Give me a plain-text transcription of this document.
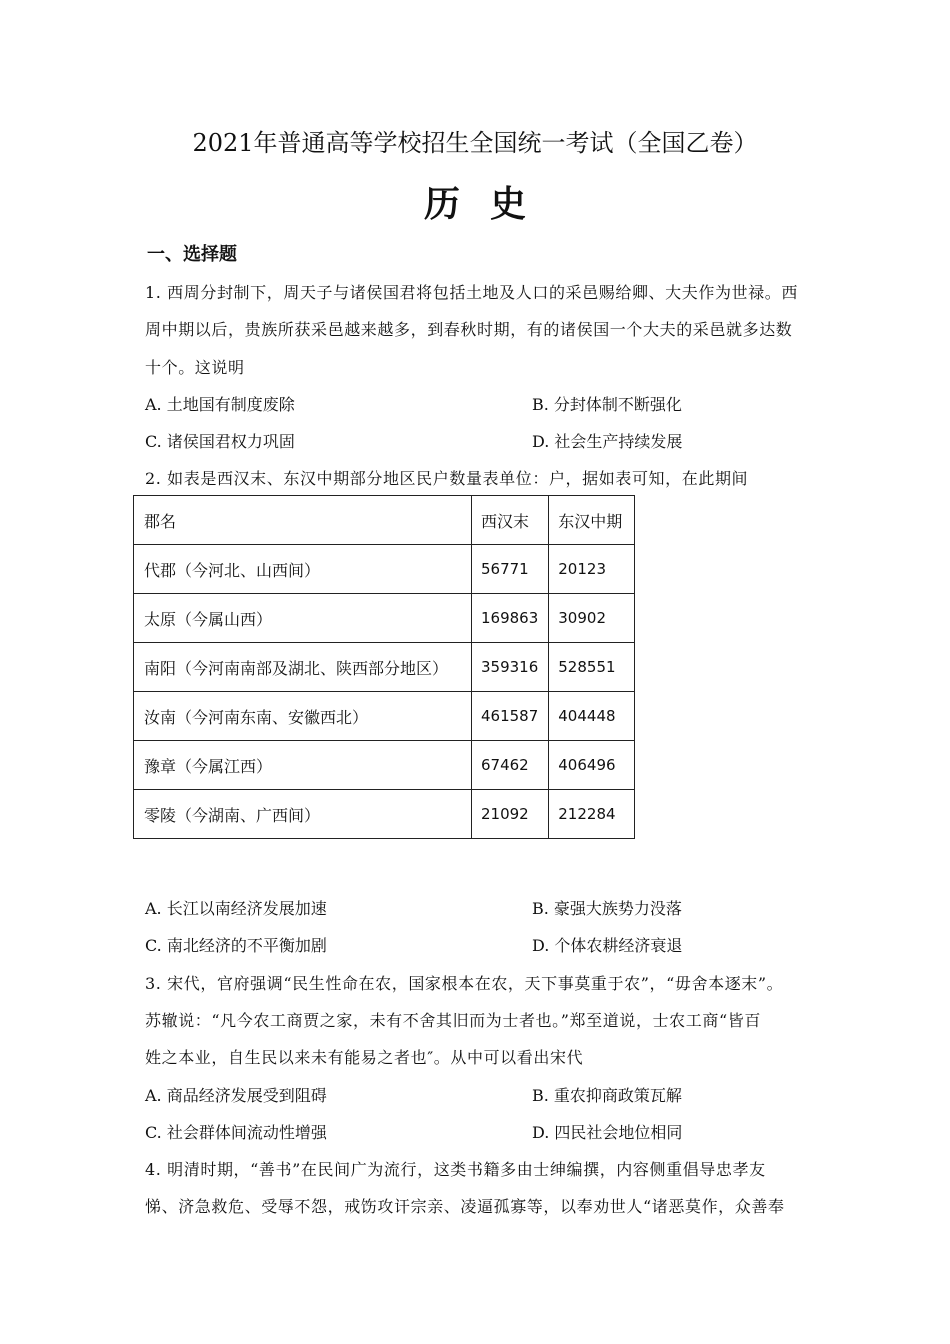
2021年普通高等学校招生全国统一考试（全国乙卷）
历史
一、选择题
1. 西周分封制下，周天子与诸侯国君将包括土地及人口的采邑赐给卿、大夫作为世禄。西
周中期以后，贵族所获采邑越来越多，到春秋时期，有的诸侯国一个大夫的采邑就多达数
十个。这说明
A. 土地国有制度废除	B. 分封体制不断强化
C. 诸侯国君权力巩固	D. 社会生产持续发展
2. 如表是西汉末、东汉中期部分地区民户数量表单位：户，据如表可知，在此期间
郡名	西汉末	东汉中期
代郡（今河北、山西间）	56771	20123
太原（今属山西）	169863	30902
南阳（今河南南部及湖北、陕西部分地区）	359316	528551
汝南（今河南东南、安徽西北）	461587	404448
豫章（今属江西）	67462	406496
零陵（今湖南、广西间）	21092	212284
A. 长江以南经济发展加速	B. 豪强大族势力没落
C. 南北经济的不平衡加剧	D. 个体农耕经济衰退
3. 宋代，官府强调“民生性命在农，国家根本在农，天下事莫重于农”，“毋舍本逐末”。
苏辙说：“凡今农工商贾之家，未有不舍其旧而为士者也。”郑至道说，士农工商“皆百
姓之本业，自生民以来未有能易之者也″。从中可以看出宋代
A. 商品经济发展受到阻碍	B. 重农抑商政策瓦解
C. 社会群体间流动性增强	D. 四民社会地位相同
4. 明清时期，“善书”在民间广为流行，这类书籍多由士绅编撰，内容侧重倡导忠孝友
悌、济急救危、受辱不怨，戒饬攻讦宗亲、凌逼孤寡等，以奉劝世人“诸恶莫作，众善奉
